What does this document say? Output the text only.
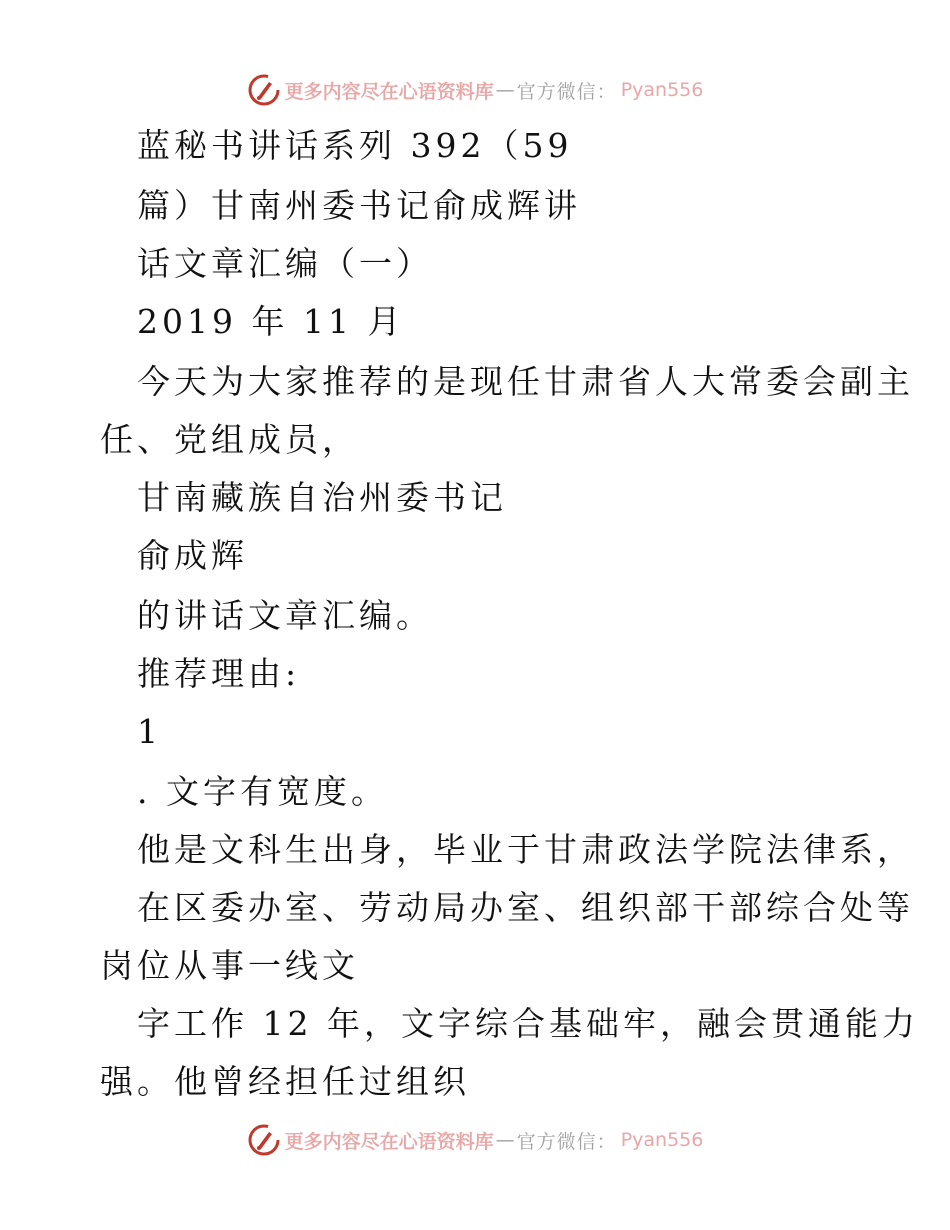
更多内容尽在心语资料库 — 官方微信： Pyan556
蓝秘书讲话系列 392（59
篇）甘南州委书记俞成辉讲
话文章汇编（一）
2019 年 11 月
今天为大家推荐的是现任甘肃省人大常委会副主
任、党组成员，
甘南藏族自治州委书记
俞成辉
的讲话文章汇编。
推荐理由:
1
. 文字有宽度。
他是文科生出身，毕业于甘肃政法学院法律系，
在区委办室、劳动局办室、组织部干部综合处等
岗位从事一线文
字工作 12 年，文字综合基础牢，融会贯通能力
强。他曾经担任过组织
更多内容尽在心语资料库 — 官方微信： Pyan556
